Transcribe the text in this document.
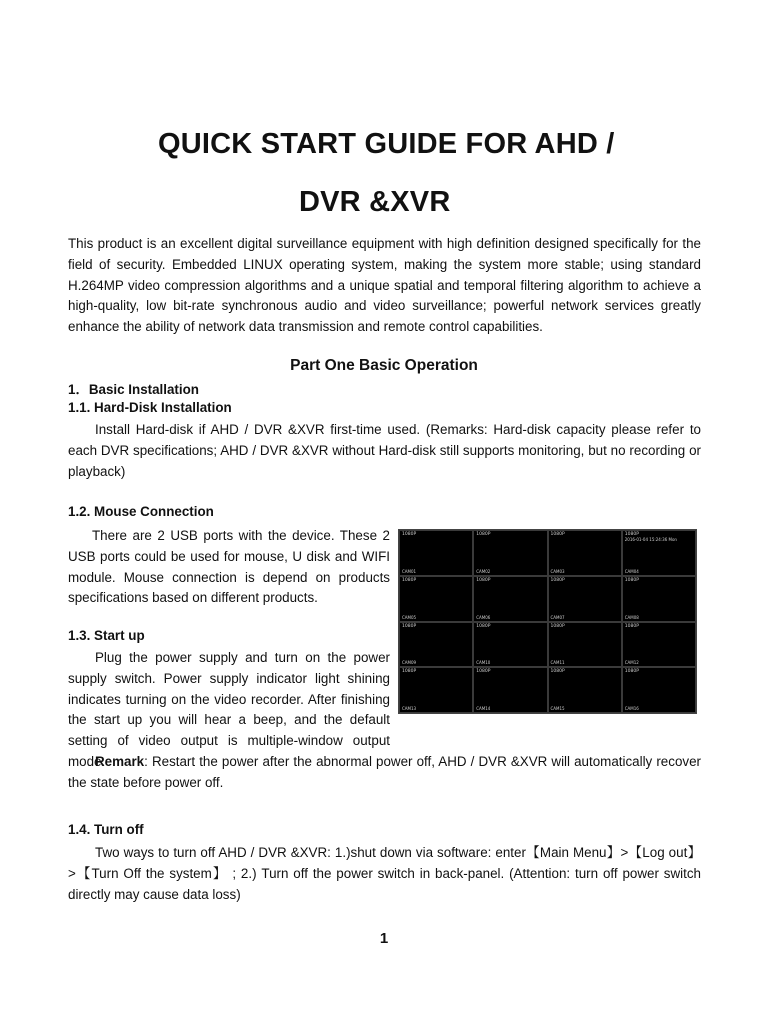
QUICK START GUIDE FOR AHD /
DVR &XVR
This product is an excellent digital surveillance equipment with high definition designed specifically for the field of security. Embedded LINUX operating system, making the system more stable; using standard H.264MP video compression algorithms and a unique spatial and temporal filtering algorithm to achieve a high-quality, low bit-rate synchronous audio and video surveillance; powerful network services greatly enhance the ability of network data transmission and remote control capabilities.
Part One Basic Operation
1．Basic Installation
1.1. Hard-Disk Installation
Install Hard-disk if AHD / DVR &XVR first-time used. (Remarks: Hard-disk capacity please refer to each DVR specifications; AHD / DVR &XVR without Hard-disk still supports monitoring, but no recording or playback)
1.2. Mouse Connection
There are 2 USB ports with the device. These 2 USB ports could be used for mouse, U disk and WIFI module. Mouse connection is depend on products specifications based on different products.
1080P
CAM01
1080P
CAM02
1080P
CAM03
1080P
2016-01-04 15:24:36 Mon
CAM04
1080P
CAM05
1080P
CAM06
1080P
CAM07
1080P
CAM08
1080P
CAM09
1080P
CAM10
1080P
CAM11
1080P
CAM12
1080P
CAM13
1080P
CAM14
1080P
CAM15
1080P
CAM16
1.3. Start up
Plug the power supply and turn on the power supply switch. Power supply indicator light shining indicates turning on the video recorder. After finishing the start up you will hear a beep, and the default setting of video output is multiple-window output mode.
Remark: Restart the power after the abnormal power off, AHD / DVR &XVR will automatically recover the state before power off.
1.4. Turn off
Two ways to turn off AHD / DVR &XVR: 1.)shut down via software: enter【Main Menu】>【Log out】>【Turn Off the system】 ; 2.) Turn off the power switch in back-panel. (Attention: turn off power switch directly may cause data loss)
1
